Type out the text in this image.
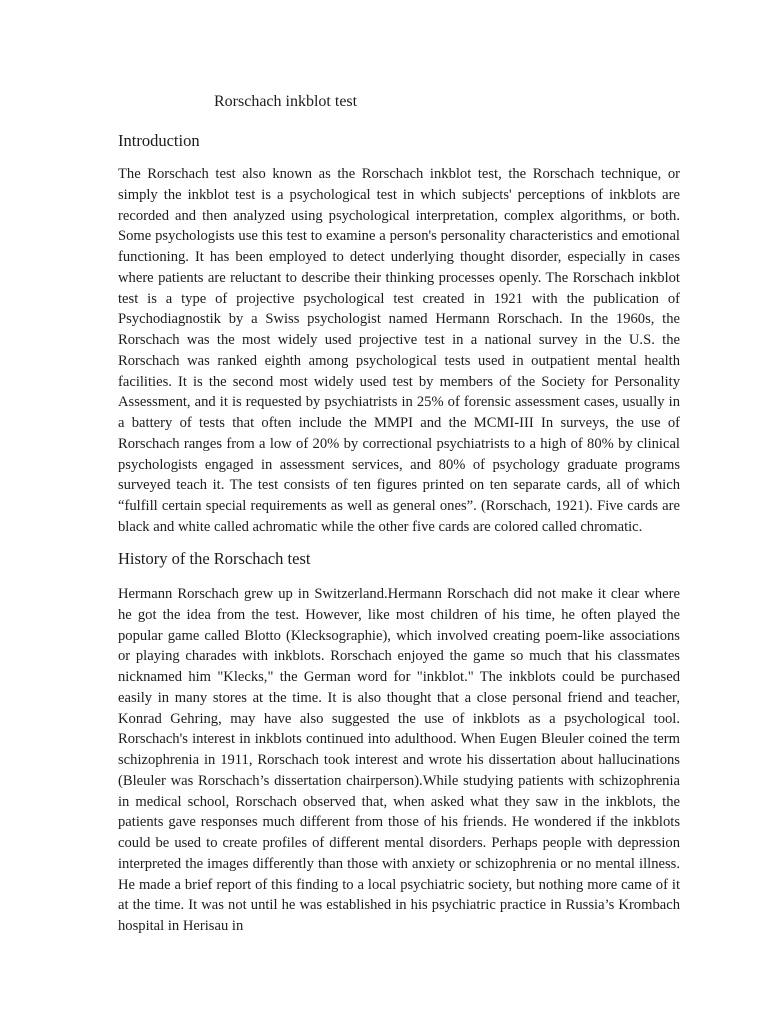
Rorschach inkblot test
Introduction
The Rorschach test also known as the Rorschach inkblot test, the Rorschach technique, or simply the inkblot test is a psychological test in which subjects' perceptions of inkblots are recorded and then analyzed using psychological interpretation, complex algorithms, or both. Some psychologists use this test to examine a person's personality characteristics and emotional functioning. It has been employed to detect underlying thought disorder, especially in cases where patients are reluctant to describe their thinking processes openly. The Rorschach inkblot test is a type of projective psychological test created in 1921 with the publication of Psychodiagnostik by a Swiss psychologist named Hermann Rorschach. In the 1960s, the Rorschach was the most widely used projective test in a national survey in the U.S. the Rorschach was ranked eighth among psychological tests used in outpatient mental health facilities. It is the second most widely used test by members of the Society for Personality Assessment, and it is requested by psychiatrists in 25% of forensic assessment cases, usually in a battery of tests that often include the MMPI and the MCMI-III In surveys, the use of Rorschach ranges from a low of 20% by correctional psychiatrists to a high of 80% by clinical psychologists engaged in assessment services, and 80% of psychology graduate programs surveyed teach it. The test consists of ten figures printed on ten separate cards, all of which “fulfill certain special requirements as well as general ones”. (Rorschach, 1921). Five cards are black and white called achromatic while the other five cards are colored called chromatic.
History of the Rorschach test
Hermann Rorschach grew up in Switzerland.Hermann Rorschach did not make it clear where he got the idea from the test. However, like most children of his time, he often played the popular game called Blotto (Klecksographie), which involved creating poem-like associations or playing charades with inkblots. Rorschach enjoyed the game so much that his classmates nicknamed him "Klecks," the German word for "inkblot." The inkblots could be purchased easily in many stores at the time. It is also thought that a close personal friend and teacher, Konrad Gehring, may have also suggested the use of inkblots as a psychological tool. Rorschach's interest in inkblots continued into adulthood. When Eugen Bleuler coined the term schizophrenia in 1911, Rorschach took interest and wrote his dissertation about hallucinations (Bleuler was Rorschach’s dissertation chairperson).While studying patients with schizophrenia in medical school, Rorschach observed that, when asked what they saw in the inkblots, the patients gave responses much different from those of his friends. He wondered if the inkblots could be used to create profiles of different mental disorders. Perhaps people with depression interpreted the images differently than those with anxiety or schizophrenia or no mental illness. He made a brief report of this finding to a local psychiatric society, but nothing more came of it at the time. It was not until he was established in his psychiatric practice in Russia’s Krombach hospital in Herisau in
